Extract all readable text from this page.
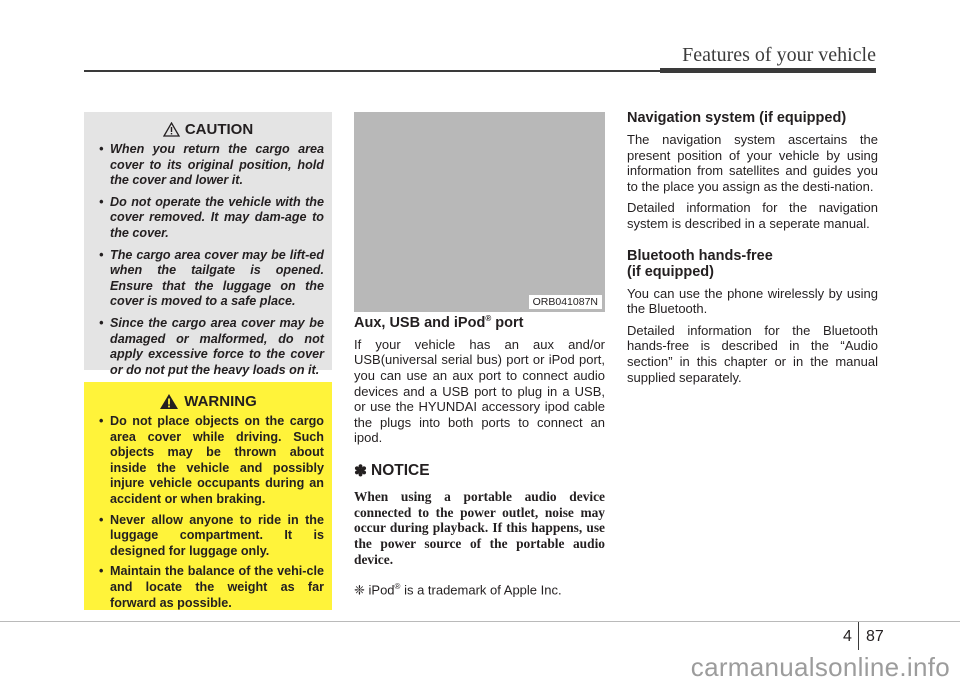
Features of your vehicle
CAUTION
• When you return the cargo area cover to its original position, hold the cover and lower it.
• Do not operate the vehicle with the cover removed. It may dam-age to the cover.
• The cargo area cover may be lift-ed when the tailgate is opened. Ensure that the luggage on the cover is moved to a safe place.
• Since the cargo area cover may be damaged or malformed, do not apply excessive force to the cover or do not put the heavy loads on it.
WARNING
• Do not place objects on the cargo area cover while driving. Such objects may be thrown about inside the vehicle and possibly injure vehicle occupants during an accident or when braking.
• Never allow anyone to ride in the luggage compartment. It is designed for luggage only.
• Maintain the balance of the vehi-cle and locate the weight as far forward as possible.
ORB041087N
Aux, USB and iPod® port

If your vehicle has an aux and/or USB(universal serial bus) port or iPod port, you can use an aux port to connect audio devices and a USB port to plug in a USB, or use the HYUNDAI accessory ipod cable the plugs into both ports to connect an ipod.

✽ NOTICE
When using a portable audio device connected to the power outlet, noise may occur during playback. If this happens, use the power source of the portable audio device.
❈ iPod® is a trademark of Apple Inc.
Navigation system (if equipped)

The navigation system ascertains the present position of your vehicle by using information from satellites and guides you to the place you assign as the desti-nation.

Detailed information for the navigation system is described in a seperate manual.

Bluetooth hands-free
(if equipped)

You can use the phone wirelessly by using the Bluetooth.

Detailed information for the Bluetooth hands-free is described in the “Audio section” in this chapter or in the manual supplied separately.

4 87
carmanualsonline.info
